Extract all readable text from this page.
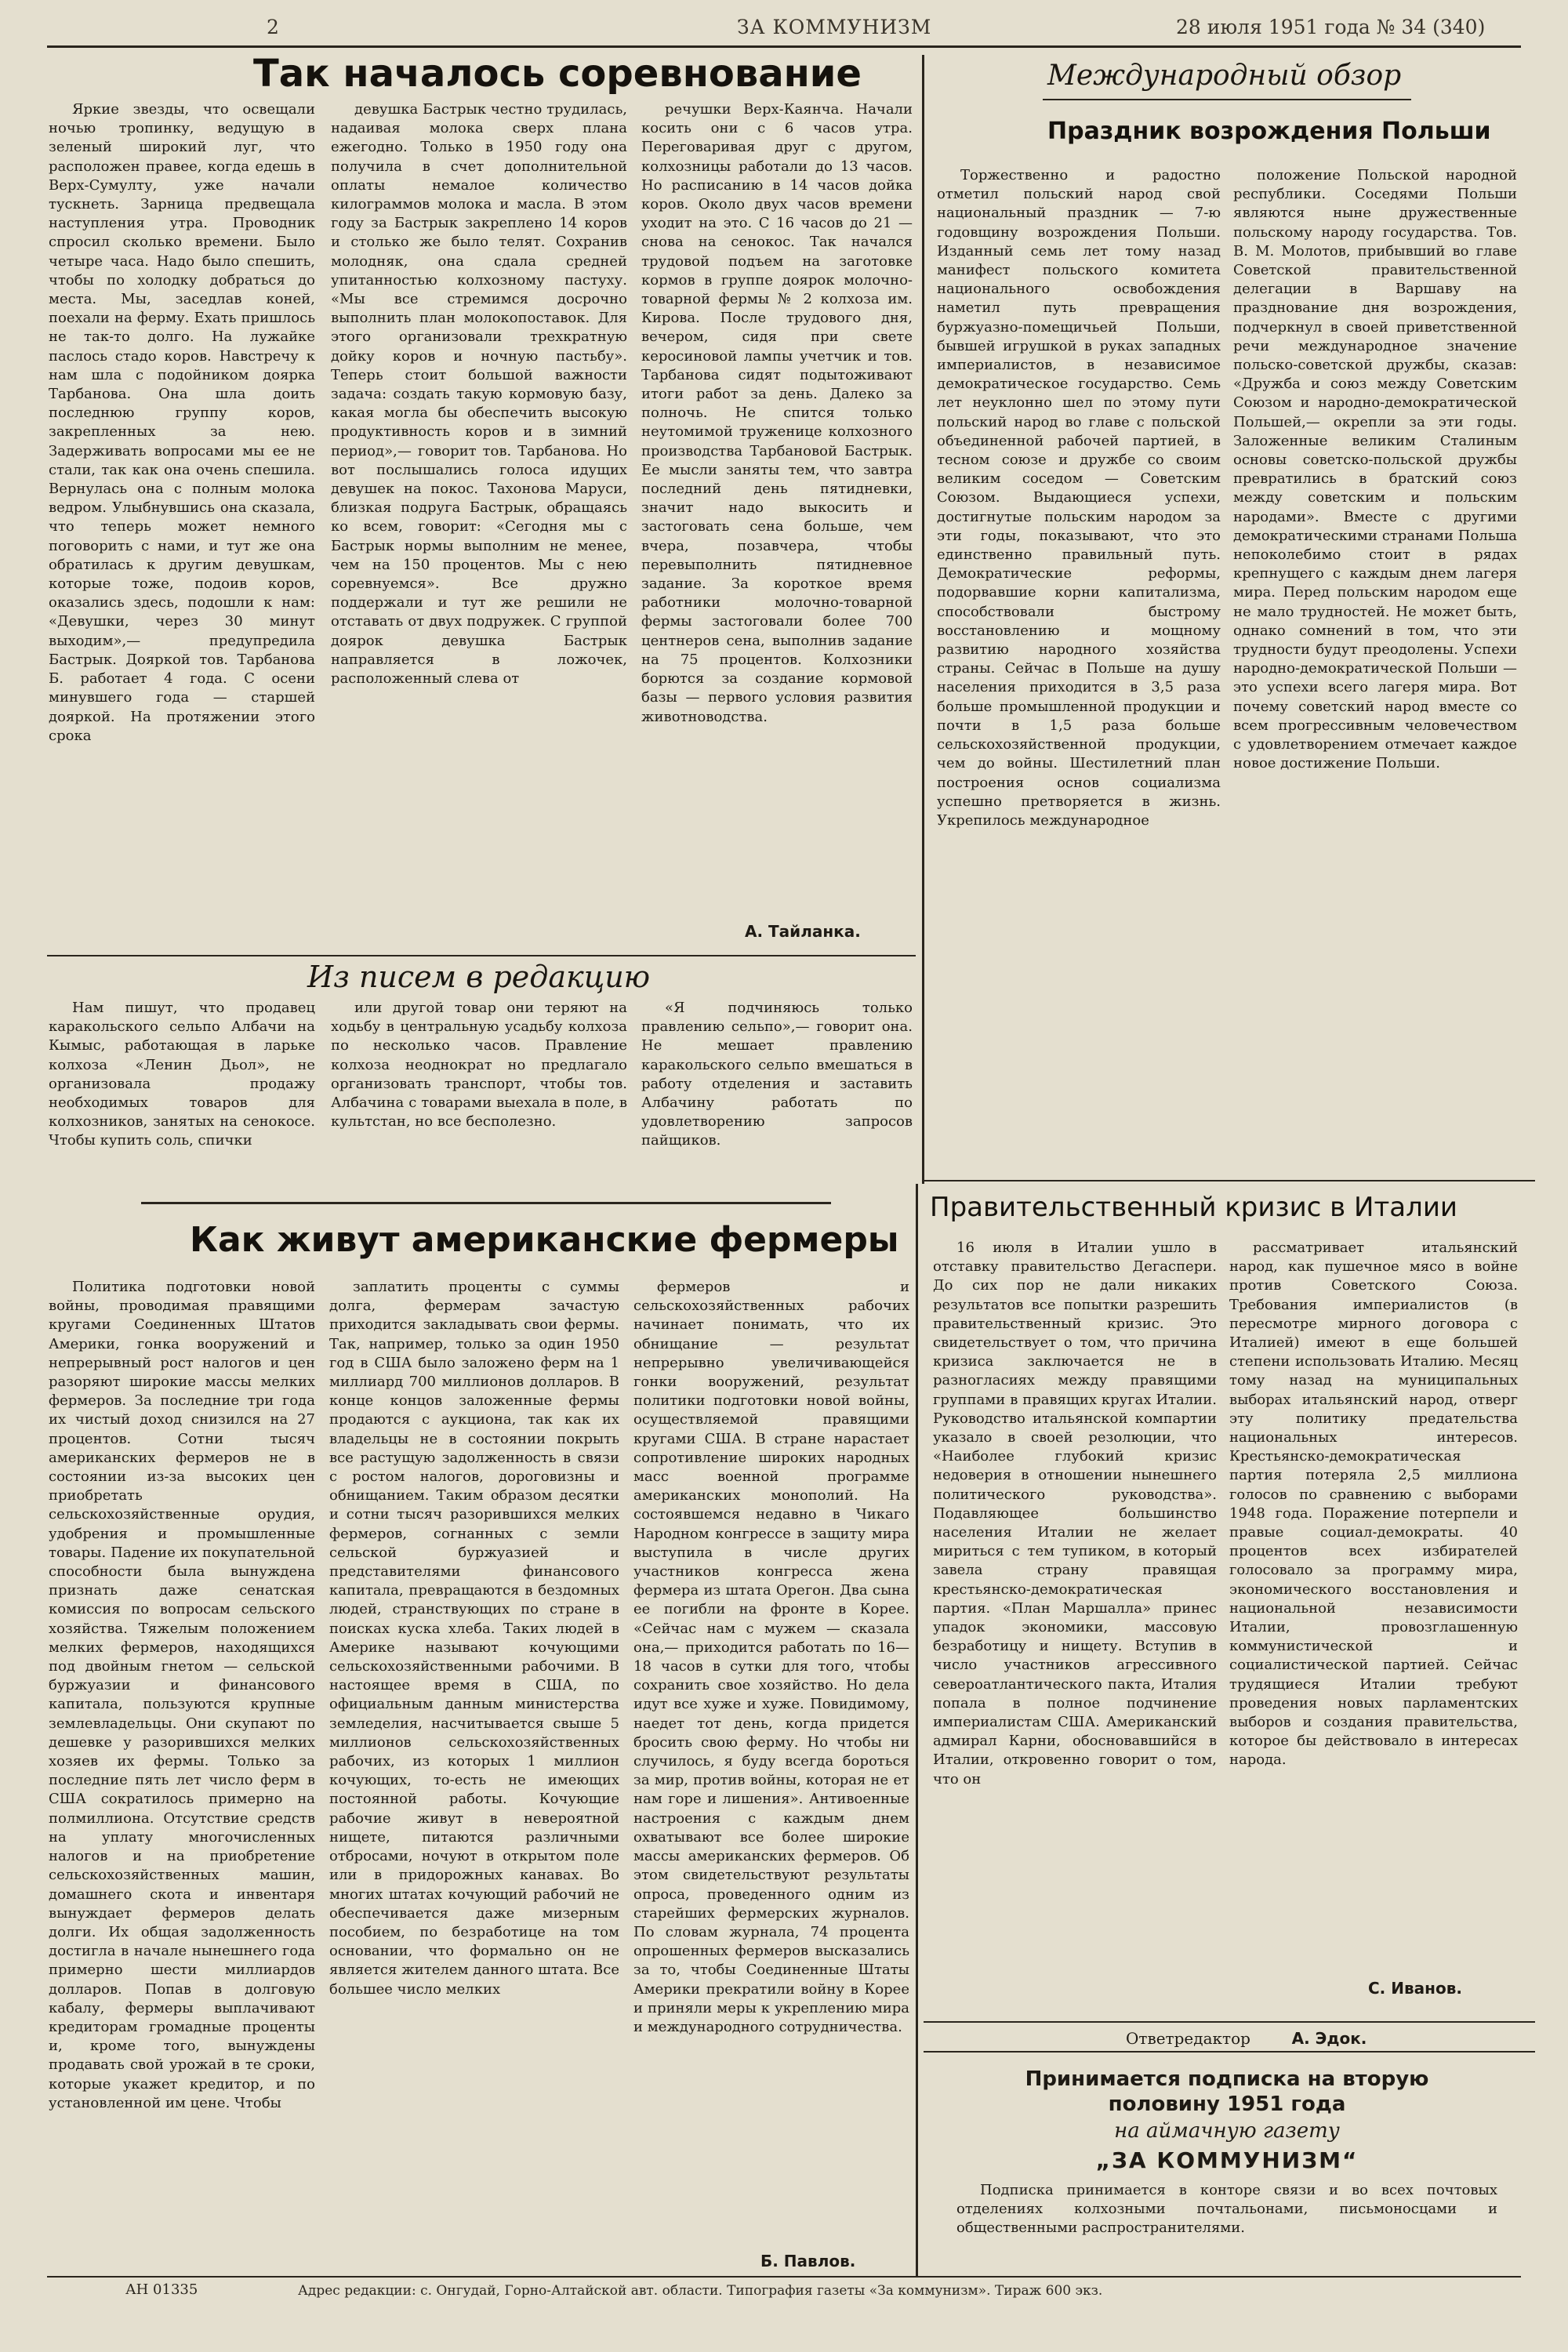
2	ЗА КОММУНИЗМ	28 июля 1951 года № 34 (340)
Так началось соревнование

Яркие звезды, что освещали ночью тропинку, ведущую в зеленый широкий луг, что расположен правее, когда едешь в Верх-Сумулту, уже начали тускнеть. Зарница предвещала наступления утра. Проводник спросил сколько времени. Было четыре часа. Надо было спешить, чтобы по холодку добраться до места. Мы, заседлав коней, поехали на ферму. Ехать пришлось не так-то долго. На лужайке паслось стадо коров. Навстречу к нам шла с подойником доярка Тарбанова. Она шла доить последнюю группу коров, закрепленных за нею. Задерживать вопросами мы ее не стали, так как она очень спешила. Вернулась она с полным молока ведром. Улыбнувшись она сказала, что теперь может немного поговорить с нами, и тут же она обратилась к другим девушкам, которые тоже, подоив коров, оказались здесь, подошли к нам: «Девушки, через 30 минут выходим»,— предупредила Бастрык. Дояркой тов. Тарбанова Б. работает 4 года. С осени минувшего года — старшей дояркой. На протяжении этого срока

девушка Бастрык честно трудилась, надаивая молока сверх плана ежегодно. Только в 1950 году она получила в счет дополнительной оплаты немалое количество килограммов молока и масла. В этом году за Бастрык закреплено 14 коров и столько же было телят. Сохранив молодняк, она сдала средней упитанностью колхозному пастуху. «Мы все стремимся досрочно выполнить план молокопоставок. Для этого организовали трехкратную дойку коров и ночную пастьбу». Теперь стоит большой важности задача: создать такую кормовую базу, какая могла бы обеспечить высокую продуктивность коров и в зимний период»,— говорит тов. Тарбанова. Но вот послышались голоса идущих девушек на покос. Тахонова Маруси, близкая подруга Бастрык, обращаясь ко всем, говорит: «Сегодня мы с Бастрык нормы выполним не менее, чем на 150 процентов. Мы с нею соревнуемся». Все дружно поддержали и тут же решили не отставать от двух подружек. С группой доярок девушка Бастрык направляется в ложочек, расположенный слева от

речушки Верх-Каянча. Начали косить они с 6 часов утра. Переговаривая друг с другом, колхозницы работали до 13 часов. Но расписанию в 14 часов дойка коров. Около двух часов времени уходит на это. С 16 часов до 21 — снова на сенокос. Так начался трудовой подъем на заготовке кормов в группе доярок молочно-товарной фермы № 2 колхоза им. Кирова. После трудового дня, вечером, сидя при свете керосиновой лампы учетчик и тов. Тарбанова сидят подытоживают итоги работ за день. Далеко за полночь. Не спится только неутомимой труженице колхозного производства Тарбановой Бастрык. Ее мысли заняты тем, что завтра последний день пятидневки, значит надо выкосить и застоговать сена больше, чем вчера, позавчера, чтобы перевыполнить пятидневное задание. За короткое время работники молочно-товарной фермы застоговали более 700 центнеров сена, выполнив задание на 75 процентов. Колхозники борются за создание кормовой базы — первого условия развития животноводства.

А. Тайланка.
Из писем в редакцию

Нам пишут, что продавец каракольского сельпо Албачи на Кымыс, работающая в ларьке колхоза «Ленин Дьол», не организовала продажу необходимых товаров для колхозников, занятых на сенокосе. Чтобы купить соль, спички

или другой товар они теряют на ходьбу в центральную усадьбу колхоза по несколько часов. Правление колхоза неоднократ но предлагало организовать транспорт, чтобы тов. Албачина с товарами выехала в поле, в культстан, но все бесполезно.

«Я подчиняюсь только правлению сельпо»,— говорит она. Не мешает правлению каракольского сельпо вмешаться в работу отделения и заставить Албачину работать по удовлетворению запросов пайщиков.

Как живут американские фермеры

Политика подготовки новой войны, проводимая правящими кругами Соединенных Штатов Америки, гонка вооружений и непрерывный рост налогов и цен разоряют широкие массы мелких фермеров. За последние три года их чистый доход снизился на 27 процентов. Сотни тысяч американских фермеров не в состоянии из-за высоких цен приобретать сельскохозяйственные орудия, удобрения и промышленные товары. Падение их покупательной способности была вынуждена признать даже сенатская комиссия по вопросам сельского хозяйства. Тяжелым положением мелких фермеров, находящихся под двойным гнетом — сельской буржуазии и финансового капитала, пользуются крупные землевладельцы. Они скупают по дешевке у разорившихся мелких хозяев их фермы. Только за последние пять лет число ферм в США сократилось примерно на полмиллиона. Отсутствие средств на уплату многочисленных налогов и на приобретение сельскохозяйственных машин, домашнего скота и инвентаря вынуждает фермеров делать долги. Их общая задолженность достигла в начале нынешнего года примерно шести миллиардов долларов. Попав в долговую кабалу, фермеры выплачивают кредиторам громадные проценты и, кроме того, вынуждены продавать свой урожай в те сроки, которые укажет кредитор, и по установленной им цене. Чтобы

заплатить проценты с суммы долга, фермерам зачастую приходится закладывать свои фермы. Так, например, только за один 1950 год в США было заложено ферм на 1 миллиард 700 миллионов долларов. В конце концов заложенные фермы продаются с аукциона, так как их владельцы не в состоянии покрыть все растущую задолженность в связи с ростом налогов, дороговизны и обнищанием. Таким образом десятки и сотни тысяч разорившихся мелких фермеров, согнанных с земли сельской буржуазией и представителями финансового капитала, превращаются в бездомных людей, странствующих по стране в поисках куска хлеба. Таких людей в Америке называют кочующими сельскохозяйственными рабочими. В настоящее время в США, по официальным данным министерства земледелия, насчитывается свыше 5 миллионов сельскохозяйственных рабочих, из которых 1 миллион кочующих, то-есть не имеющих постоянной работы. Кочующие рабочие живут в невероятной нищете, питаются различными отбросами, ночуют в открытом поле или в придорожных канавах. Во многих штатах кочующий рабочий не обеспечивается даже мизерным пособием, по безработице на том основании, что формально он не является жителем данного штата. Все большее число мелких

фермеров и сельскохозяйственных рабочих начинает понимать, что их обнищание — результат непрерывно увеличивающейся гонки вооружений, результат политики подготовки новой войны, осуществляемой правящими кругами США. В стране нарастает сопротивление широких народных масс военной программе американских монополий. На состоявшемся недавно в Чикаго Народном конгрессе в защиту мира выступила в числе других участников конгресса жена фермера из штата Орегон. Два сына ее погибли на фронте в Корее. «Сейчас нам с мужем — сказала она,— приходится работать по 16—18 часов в сутки для того, чтобы сохранить свое хозяйство. Но дела идут все хуже и хуже. Повидимому, наедет тот день, когда придется бросить свою ферму. Но чтобы ни случилось, я буду всегда бороться за мир, против войны, которая не ет нам горе и лишения». Антивоенные настроения с каждым днем охватывают все более широкие массы американских фермеров. Об этом свидетельствуют результаты опроса, проведенного одним из старейших фермерских журналов. По словам журнала, 74 процента опрошенных фермеров высказались за то, чтобы Соединенные Штаты Америки прекратили войну в Корее и приняли меры к укреплению мира и международного сотрудничества.

Б. Павлов.
Международный обзор
Праздник возрождения Польши

Торжественно и радостно отметил польский народ свой национальный праздник — 7-ю годовщину возрождения Польши. Изданный семь лет тому назад манифест польского комитета национального освобождения наметил путь превращения буржуазно-помещичьей Польши, бывшей игрушкой в руках западных империалистов, в независимое демократическое государство. Семь лет неуклонно шел по этому пути польский народ во главе с польской объединенной рабочей партией, в тесном союзе и дружбе со своим великим соседом — Советским Союзом. Выдающиеся успехи, достигнутые польским народом за эти годы, показывают, что это единственно правильный путь. Демократические реформы, подорвавшие корни капитализма, способствовали быстрому восстановлению и мощному развитию народного хозяйства страны. Сейчас в Польше на душу населения приходится в 3,5 раза больше промышленной продукции и почти в 1,5 раза больше сельскохозяйственной продукции, чем до войны. Шестилетний план построения основ социализма успешно претворяется в жизнь. Укрепилось международное

положение Польской народной республики. Соседями Польши являются ныне дружественные польскому народу государства. Тов. В. М. Молотов, прибывший во главе Советской правительственной делегации в Варшаву на празднование дня возрождения, подчеркнул в своей приветственной речи международное значение польско-советской дружбы, сказав: «Дружба и союз между Советским Союзом и народно-демократической Польшей,— окрепли за эти годы. Заложенные великим Сталиным основы советско-польской дружбы превратились в братский союз между советским и польским народами». Вместе с другими демократическими странами Польша непоколебимо стоит в рядах крепнущего с каждым днем лагеря мира. Перед польским народом еще не мало трудностей. Не может быть, однако сомнений в том, что эти трудности будут преодолены. Успехи народно-демократической Польши — это успехи всего лагеря мира. Вот почему советский народ вместе со всем прогрессивным человечеством с удовлетворением отмечает каждое новое достижение Польши.

Правительственный кризис в Италии

16 июля в Италии ушло в отставку правительство Дегаспери. До сих пор не дали никаких результатов все попытки разрешить правительственный кризис. Это свидетельствует о том, что причина кризиса заключается не в разногласиях между правящими группами в правящих кругах Италии. Руководство итальянской компартии указало в своей резолюции, что «Наиболее глубокий кризис недоверия в отношении нынешнего политического руководства». Подавляющее большинство населения Италии не желает мириться с тем тупиком, в который завела страну правящая крестьянско-демократическая партия. «План Маршалла» принес упадок экономики, массовую безработицу и нищету. Вступив в число участников агрессивного североатлантического пакта, Италия попала в полное подчинение империалистам США. Американский адмирал Карни, обосновавшийся в Италии, откровенно говорит о том, что он

рассматривает итальянский народ, как пушечное мясо в войне против Советского Союза. Требования империалистов (в пересмотре мирного договора с Италией) имеют в еще большей степени использовать Италию. Месяц тому назад на муниципальных выборах итальянский народ, отверг эту политику предательства национальных интересов. Крестьянско-демократическая партия потеряла 2,5 миллиона голосов по сравнению с выборами 1948 года. Поражение потерпели и правые социал-демократы. 40 процентов всех избирателей голосовало за программу мира, экономического восстановления и национальной независимости Италии, провозглашенную коммунистической и социалистической партией. Сейчас трудящиеся Италии требуют проведения новых парламентских выборов и создания правительства, которое бы действовало в интересах народа.

С. Иванов.
Ответредактор	А. Эдок.
Принимается подписка на вторую
половину 1951 года
на аймачную газету
„ЗА КОММУНИЗМ“
Подписка принимается в конторе связи и во всех почтовых отделениях колхозными почтальонами, письмоносцами и общественными распространителями.
АН 01335	Адрес редакции: с. Онгудай, Горно-Алтайской авт. области. Типография газеты «За коммунизм». Тираж 600 экз.
